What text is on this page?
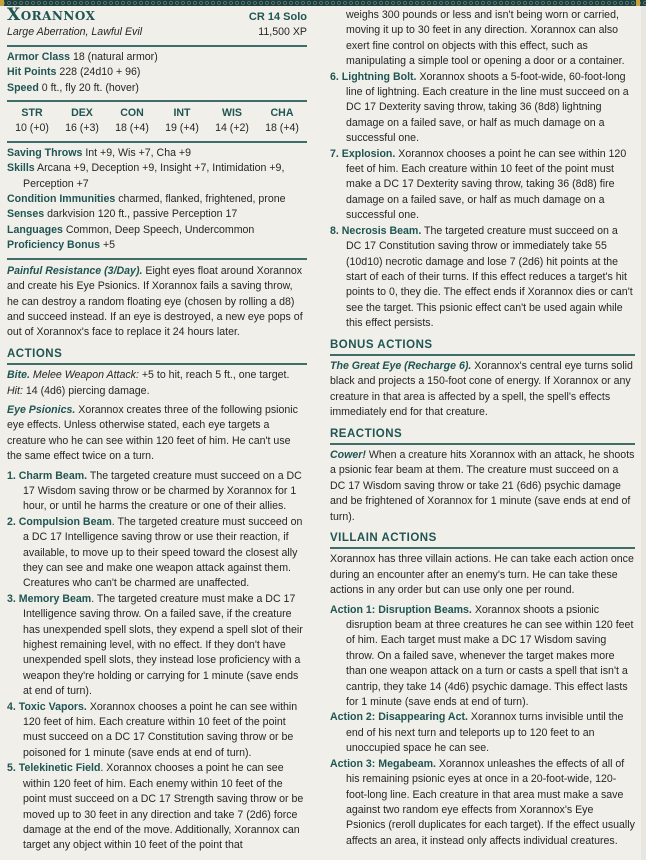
Xorannox	CR 14 Solo
Large Aberration, Lawful Evil	11,500 XP
Armor Class 18 (natural armor)
Hit Points 228 (24d10 + 96)
Speed 0 ft., fly 20 ft. (hover)
STR	DEX	CON	INT	WIS	CHA
10 (+0)	16 (+3)	18 (+4)	19 (+4)	14 (+2)	18 (+4)
Saving Throws Int +9, Wis +7, Cha +9
Skills Arcana +9, Deception +9, Insight +7, Intimidation +9, Perception +7
Condition Immunities charmed, flanked, frightened, prone
Senses darkvision 120 ft., passive Perception 17
Languages Common, Deep Speech, Undercommon
Proficiency Bonus +5

Painful Resistance (3/Day). Eight eyes float around Xorannox and create his Eye Psionics. If Xorannox fails a saving throw, he can destroy a random floating eye (chosen by rolling a d8) and succeed instead. If an eye is destroyed, a new eye pops of out of Xorannox's face to replace it 24 hours later.

ACTIONS

Bite. Melee Weapon Attack: +5 to hit, reach 5 ft., one target. Hit: 14 (4d6) piercing damage.

Eye Psionics. Xorannox creates three of the following psionic eye effects. Unless otherwise stated, each eye targets a creature who he can see within 120 feet of him. He can't use the same effect twice on a turn.

1. Charm Beam. The targeted creature must succeed on a DC 17 Wisdom saving throw or be charmed by Xorannox for 1 hour, or until he harms the creature or one of their allies.
2. Compulsion Beam. The targeted creature must succeed on a DC 17 Intelligence saving throw or use their reaction, if available, to move up to their speed toward the closest ally they can see and make one weapon attack against them. Creatures who can't be charmed are unaffected.
3. Memory Beam. The targeted creature must make a DC 17 Intelligence saving throw. On a failed save, if the creature has unexpended spell slots, they expend a spell slot of their highest remaining level, with no effect. If they don't have unexpended spell slots, they instead lose proficiency with a weapon they're holding or carrying for 1 minute (save ends at end of turn).
4. Toxic Vapors. Xorannox chooses a point he can see within 120 feet of him. Each creature within 10 feet of the point must succeed on a DC 17 Constitution saving throw or be poisoned for 1 minute (save ends at end of turn).
5. Telekinetic Field. Xorannox chooses a point he can see within 120 feet of him. Each enemy within 10 feet of the point must succeed on a DC 17 Strength saving throw or be moved up to 30 feet in any direction and take 7 (2d6) force damage at the end of the move. Additionally, Xorannox can target any object within 10 feet of the point that
weighs 300 pounds or less and isn't being worn or carried, moving it up to 30 feet in any direction. Xorannox can also exert fine control on objects with this effect, such as manipulating a simple tool or opening a door or a container.
6. Lightning Bolt. Xorannox shoots a 5-foot-wide, 60-foot-long line of lightning. Each creature in the line must succeed on a DC 17 Dexterity saving throw, taking 36 (8d8) lightning damage on a failed save, or half as much damage on a successful one.
7. Explosion. Xorannox chooses a point he can see within 120 feet of him. Each creature within 10 feet of the point must make a DC 17 Dexterity saving throw, taking 36 (8d8) fire damage on a failed save, or half as much damage on a successful one.
8. Necrosis Beam. The targeted creature must succeed on a DC 17 Constitution saving throw or immediately take 55 (10d10) necrotic damage and lose 7 (2d6) hit points at the start of each of their turns. If this effect reduces a target's hit points to 0, they die. The effect ends if Xorannox dies or can't see the target. This psionic effect can't be used again while this effect persists.
BONUS ACTIONS

The Great Eye (Recharge 6). Xorannox's central eye turns solid black and projects a 150-foot cone of energy. If Xorannox or any creature in that area is affected by a spell, the spell's effects immediately end for that creature.

REACTIONS

Cower! When a creature hits Xorannox with an attack, he shoots a psionic fear beam at them. The creature must succeed on a DC 17 Wisdom saving throw or take 21 (6d6) psychic damage and be frightened of Xorannox for 1 minute (save ends at end of turn).

VILLAIN ACTIONS

Xorannox has three villain actions. He can take each action once during an encounter after an enemy's turn. He can take these actions in any order but can use only one per round.

Action 1: Disruption Beams. Xorannox shoots a psionic disruption beam at three creatures he can see within 120 feet of him. Each target must make a DC 17 Wisdom saving throw. On a failed save, whenever the target makes more than one weapon attack on a turn or casts a spell that isn't a cantrip, they take 14 (4d6) psychic damage. This effect lasts for 1 minute (save ends at end of turn).
Action 2: Disappearing Act. Xorannox turns invisible until the end of his next turn and teleports up to 120 feet to an unoccupied space he can see.
Action 3: Megabeam. Xorannox unleashes the effects of all of his remaining psionic eyes at once in a 20-foot-wide, 120-foot-long line. Each creature in that area must make a save against two random eye effects from Xorannox's Eye Psionics (reroll duplicates for each target). If the effect usually affects an area, it instead only affects individual creatures.
